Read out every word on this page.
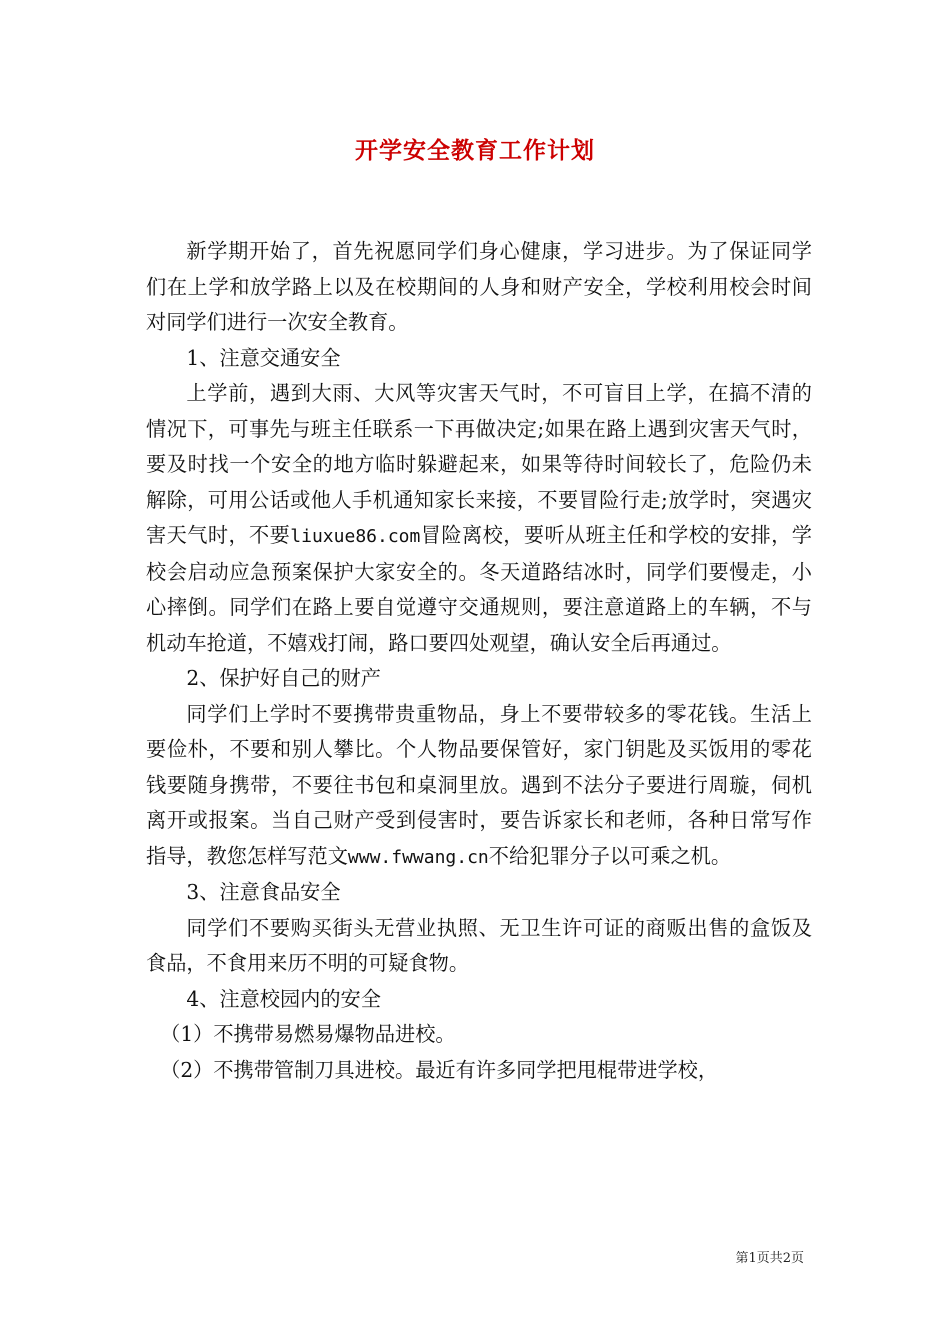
开学安全教育工作计划

新学期开始了，首先祝愿同学们身心健康，学习进步。为了保证同学们在上学和放学路上以及在校期间的人身和财产安全，学校利用校会时间对同学们进行一次安全教育。

1、注意交通安全

上学前，遇到大雨、大风等灾害天气时，不可盲目上学，在搞不清的情况下，可事先与班主任联系一下再做决定;如果在路上遇到灾害天气时，要及时找一个安全的地方临时躲避起来，如果等待时间较长了，危险仍未解除，可用公话或他人手机通知家长来接，不要冒险行走;放学时，突遇灾害天气时，不要liuxue86.com冒险离校，要听从班主任和学校的安排，学校会启动应急预案保护大家安全的。冬天道路结冰时，同学们要慢走，小心摔倒。同学们在路上要自觉遵守交通规则，要注意道路上的车辆，不与机动车抢道，不嬉戏打闹，路口要四处观望，确认安全后再通过。

2、保护好自己的财产

同学们上学时不要携带贵重物品，身上不要带较多的零花钱。生活上要俭朴，不要和别人攀比。个人物品要保管好，家门钥匙及买饭用的零花钱要随身携带，不要往书包和桌洞里放。遇到不法分子要进行周璇，伺机离开或报案。当自己财产受到侵害时，要告诉家长和老师，各种日常写作指导，教您怎样写范文www.fwwang.cn不给犯罪分子以可乘之机。

3、注意食品安全

同学们不要购买街头无营业执照、无卫生许可证的商贩出售的盒饭及食品，不食用来历不明的可疑食物。

4、注意校园内的安全

（1）不携带易燃易爆物品进校。

（2）不携带管制刀具进校。最近有许多同学把甩棍带进学校，

第1页共2页
